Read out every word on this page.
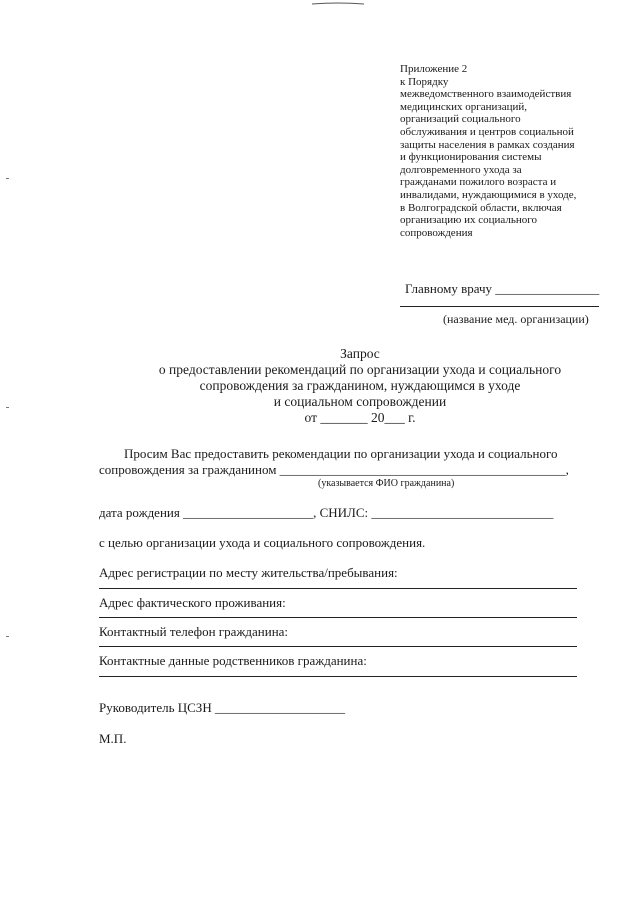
Приложение 2
к Порядку
межведомственного взаимодействия
медицинских организаций,
организаций социального
обслуживания и центров социальной
защиты населения в рамках создания
и функционирования системы
долговременного ухода за
гражданами пожилого возраста и
инвалидами, нуждающимися в уходе,
в Волгоградской области, включая
организацию их социального
сопровождения
Главному врачу ________________
(название мед. организации)
Запрос
о предоставлении рекомендаций по организации ухода и социального
сопровождения за гражданином, нуждающимся в уходе
и социальном сопровождении
от _______ 20___ г.
Просим Вас предоставить рекомендации по организации ухода и социального
сопровождения за гражданином ____________________________________________,
(указывается ФИО гражданина)
дата рождения ____________________, СНИЛС: ____________________________
с целью организации ухода и социального сопровождения.
Адрес регистрации по месту жительства/пребывания:
Адрес фактического проживания:
Контактный телефон гражданина:
Контактные данные родственников гражданина:
Руководитель ЦСЗН ____________________
М.П.
